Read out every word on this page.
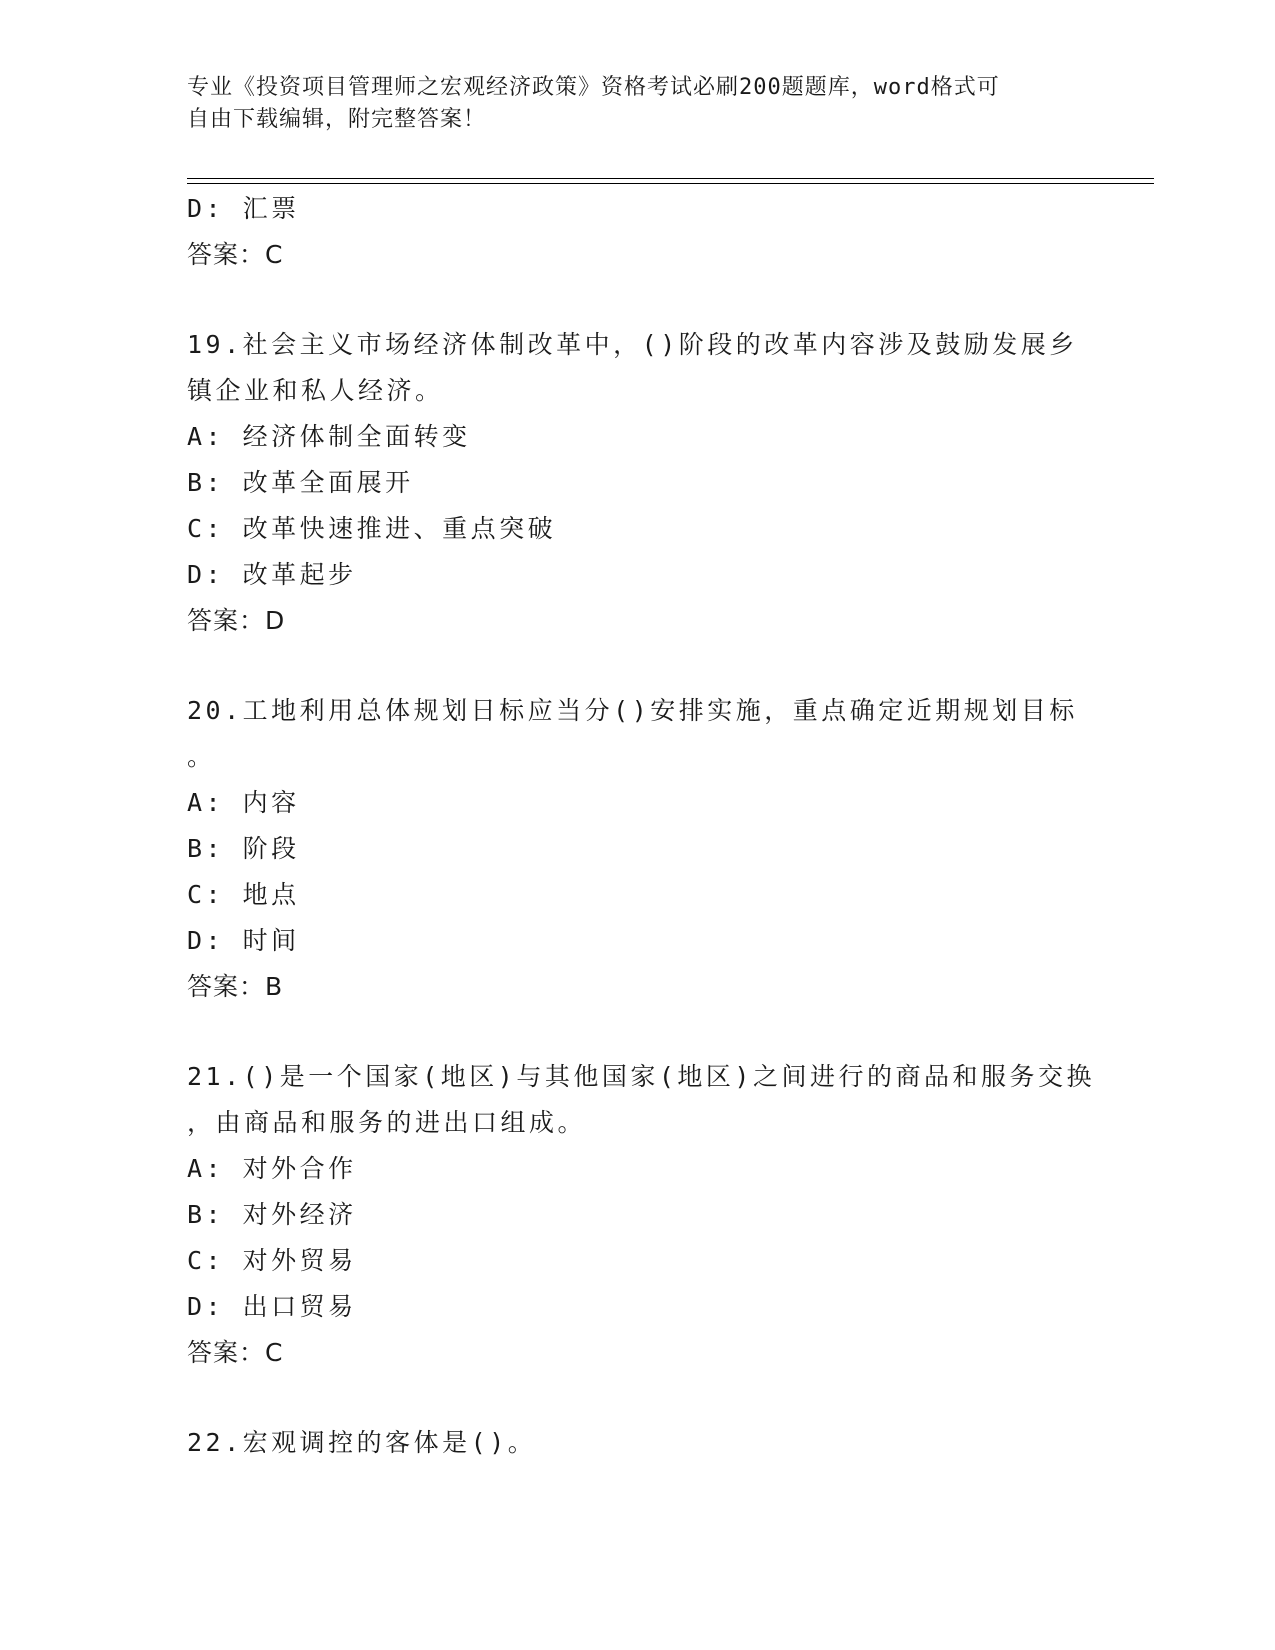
专业《投资项目管理师之宏观经济政策》资格考试必刷200题题库，word格式可
自由下载编辑，附完整答案！
D: 汇票
答案：C
19.社会主义市场经济体制改革中，()阶段的改革内容涉及鼓励发展乡
镇企业和私人经济。
A: 经济体制全面转变
B: 改革全面展开
C: 改革快速推进、重点突破
D: 改革起步
答案：D
20.工地利用总体规划日标应当分()安排实施，重点确定近期规划目标
。
A: 内容
B: 阶段
C: 地点
D: 时间
答案：B
21.()是一个国家(地区)与其他国家(地区)之间进行的商品和服务交换
，由商品和服务的进出口组成。
A: 对外合作
B: 对外经济
C: 对外贸易
D: 出口贸易
答案：C
22.宏观调控的客体是()。
